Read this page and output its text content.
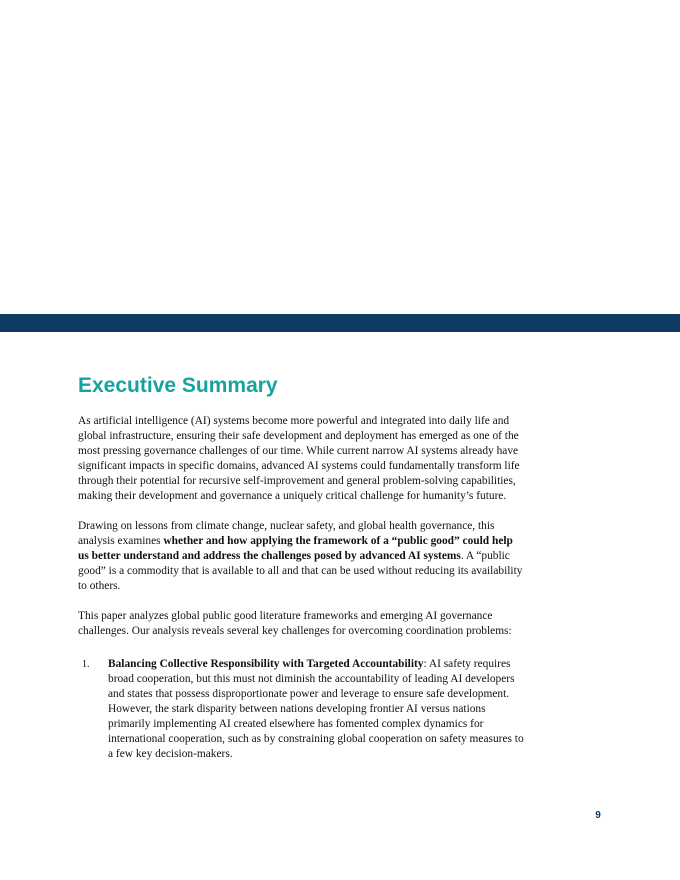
Executive Summary

As artificial intelligence (AI) systems become more powerful and integrated into daily life and global infrastructure, ensuring their safe development and deployment has emerged as one of the most pressing governance challenges of our time. While current narrow AI systems already have significant impacts in specific domains, advanced AI systems could fundamentally transform life through their potential for recursive self-improvement and general problem-solving capabilities, making their development and governance a uniquely critical challenge for humanity’s future.

Drawing on lessons from climate change, nuclear safety, and global health governance, this analysis examines whether and how applying the framework of a “public good” could help us better understand and address the challenges posed by advanced AI systems. A “public good” is a commodity that is available to all and that can be used without reducing its availability to others.

This paper analyzes global public good literature frameworks and emerging AI governance challenges. Our analysis reveals several key challenges for overcoming coordination problems:

1. Balancing Collective Responsibility with Targeted Accountability: AI safety requires broad cooperation, but this must not diminish the accountability of leading AI developers and states that possess disproportionate power and leverage to ensure safe development. However, the stark disparity between nations developing frontier AI versus nations primarily implementing AI created elsewhere has fomented complex dynamics for international cooperation, such as by constraining global cooperation on safety measures to a few key decision-makers.
9
